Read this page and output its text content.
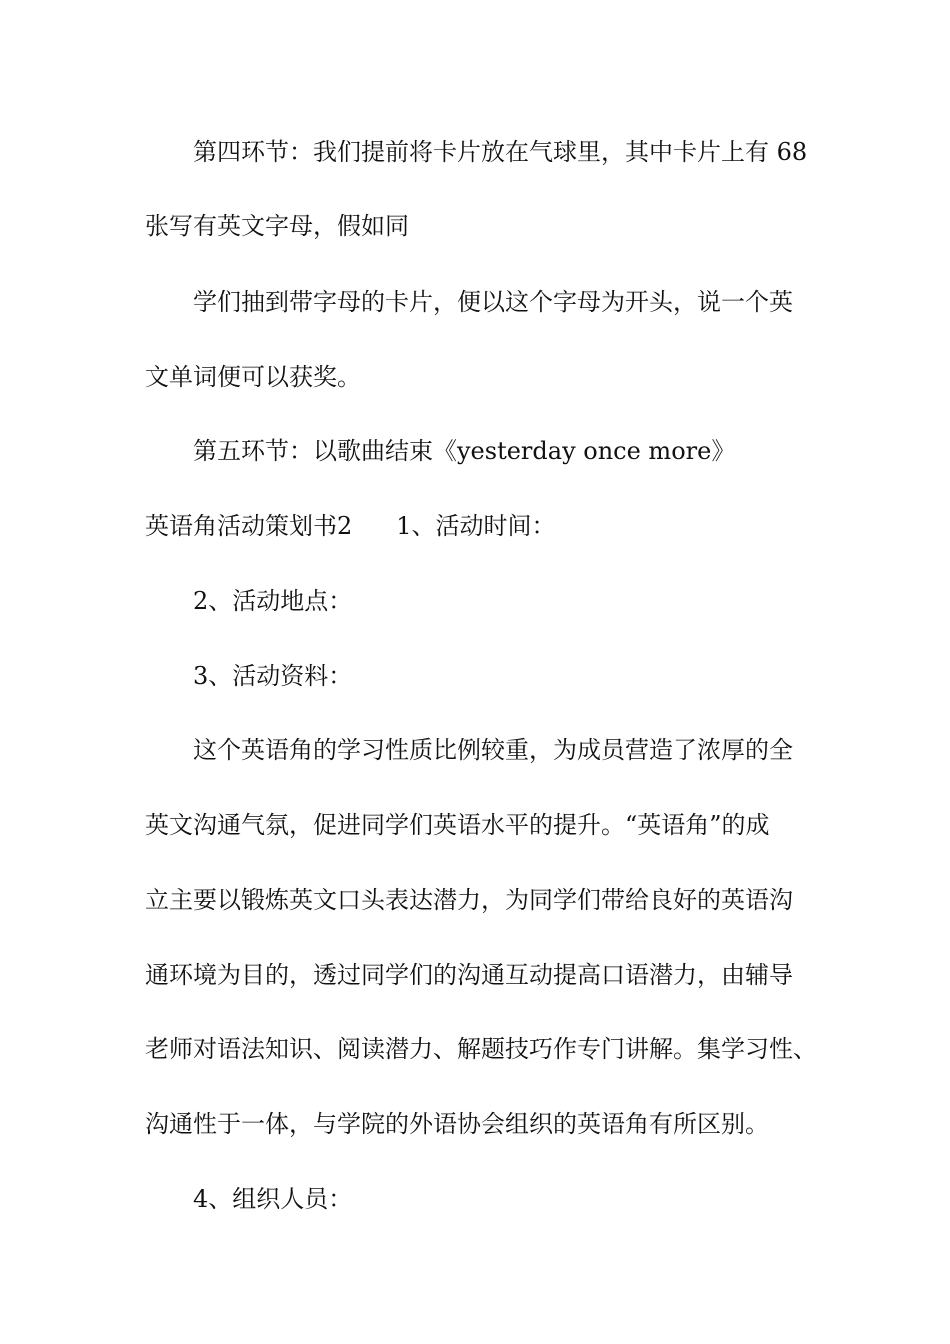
第四环节：我们提前将卡片放在气球里，其中卡片上有 68
张写有英文字母，假如同
学们抽到带字母的卡片，便以这个字母为开头，说一个英
文单词便可以获奖。
第五环节：以歌曲结束《yesterday once more》
英语角活动策划书2 1、活动时间：
2、活动地点：
3、活动资料：
这个英语角的学习性质比例较重，为成员营造了浓厚的全
英文沟通气氛，促进同学们英语水平的提升。“英语角”的成
立主要以锻炼英文口头表达潜力，为同学们带给良好的英语沟
通环境为目的，透过同学们的沟通互动提高口语潜力，由辅导
老师对语法知识、阅读潜力、解题技巧作专门讲解。集学习性、
沟通性于一体，与学院的外语协会组织的英语角有所区别。
4、组织人员：
